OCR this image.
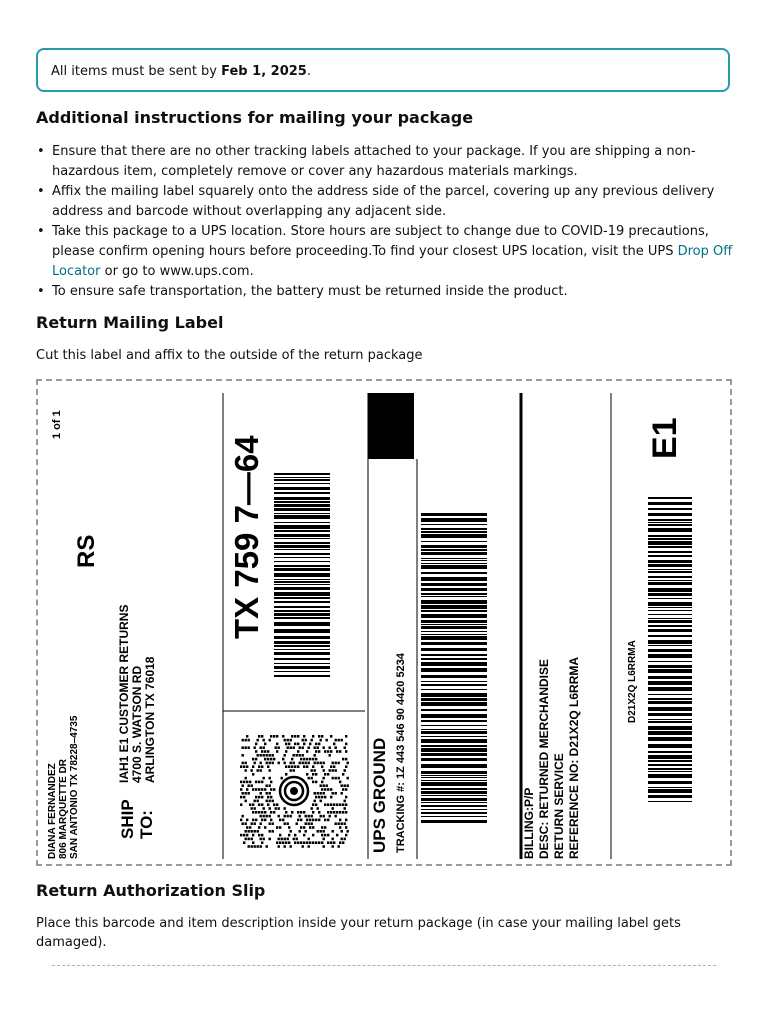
All items must be sent by Feb 1, 2025.
Additional instructions for mailing your package
• Ensure that there are no other tracking labels attached to your package. If you are shipping a non-hazardous item, completely remove or cover any hazardous materials markings.
• Affix the mailing label squarely onto the address side of the parcel, covering up any previous delivery address and barcode without overlapping any adjacent side.
• Take this package to a UPS location. Store hours are subject to change due to COVID-19 precautions, please confirm opening hours before proceeding.To find your closest UPS location, visit the UPS Drop Off Locator or go to www.ups.com.
• To ensure safe transportation, the battery must be returned inside the product.
Return Mailing Label

Cut this label and affix to the outside of the return package

1 of 1
DIANA FERNANDEZ 806 MARQUETTE DR SAN ANTONIO TX 78228–4735
RS
SHIP TO:
IAH1 E1 CUSTOMER RETURNS 4700 S. WATSON RD ARLINGTON TX 76018
TX 759 7—64
UPS GROUND TRACKING #: 1Z 443 546 90 4420 5234	BILLING:P/P DESC: RETURNED MERCHANDISE RETURN SERVICE REFERENCE NO: D21X2Q L6RRMA	D21X2Q L6RRMA
E1
Return Authorization Slip

Place this barcode and item description inside your return package (in case your mailing label gets damaged).
